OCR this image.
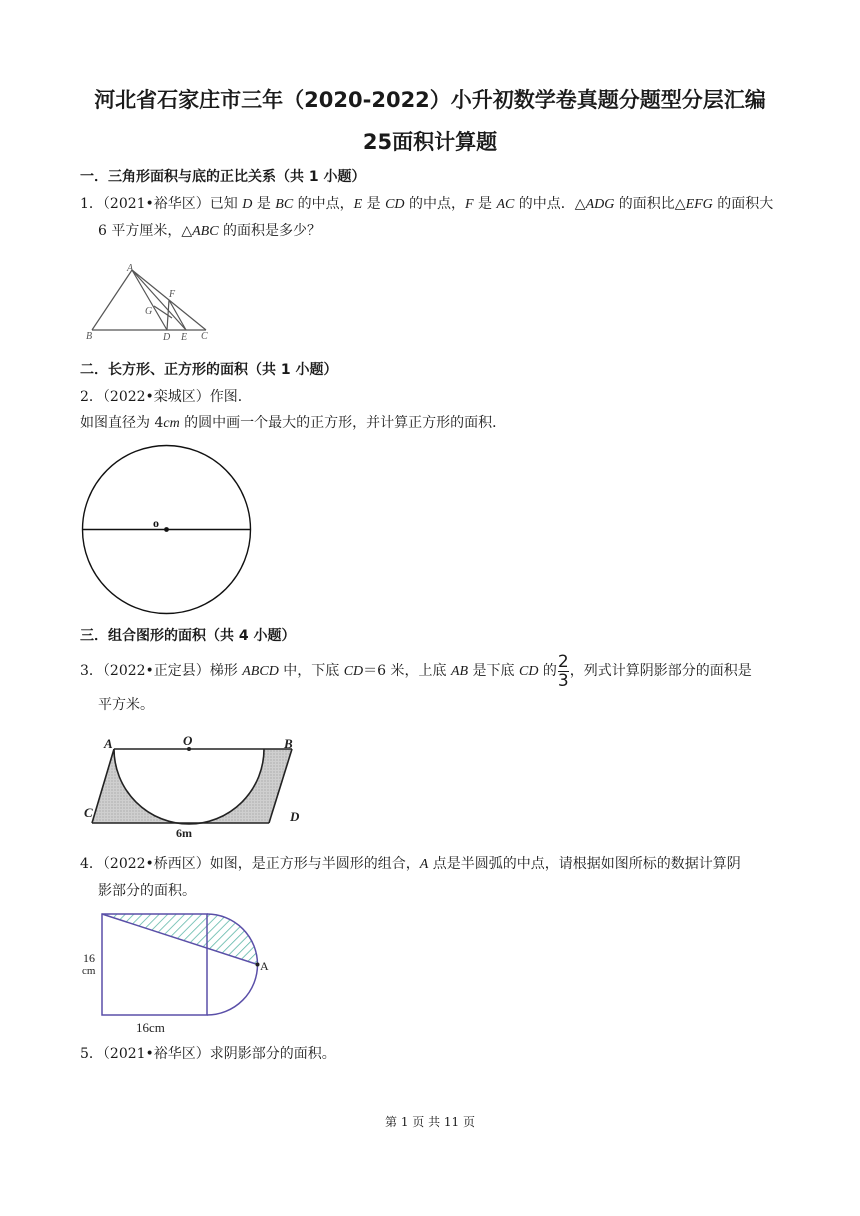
河北省石家庄市三年（2020-2022）小升初数学卷真题分题型分层汇编
25面积计算题
一．三角形面积与底的正比关系（共 1 小题）
1．（2021•裕华区）已知 D 是 BC 的中点，E 是 CD 的中点，F 是 AC 的中点．△ADG 的面积比△EFG 的面积大
6 平方厘米，△ABC 的面积是多少？
A
B	C
D E
F
G
二．长方形、正方形的面积（共 1 小题）
2．（2022•栾城区）作图．
如图直径为 4cm 的圆中画一个最大的正方形，并计算正方形的面积．
o
三．组合图形的面积（共 4 小题）
3．（2022•正定县）梯形 ABCD 中，下底 CD＝6 米，上底 AB 是下底 CD 的 $\frac{2}{3}$ ，列式计算阴影部分的面积是
平方米。
A	O	B
C	D
6m
4．（2022•桥西区）如图，是正方形与半圆形的组合，A 点是半圆弧的中点，请根据如图所标的数据计算阴
影部分的面积。
A
16
cm
16cm
5．（2021•裕华区）求阴影部分的面积。
第 1 页 共 11 页
